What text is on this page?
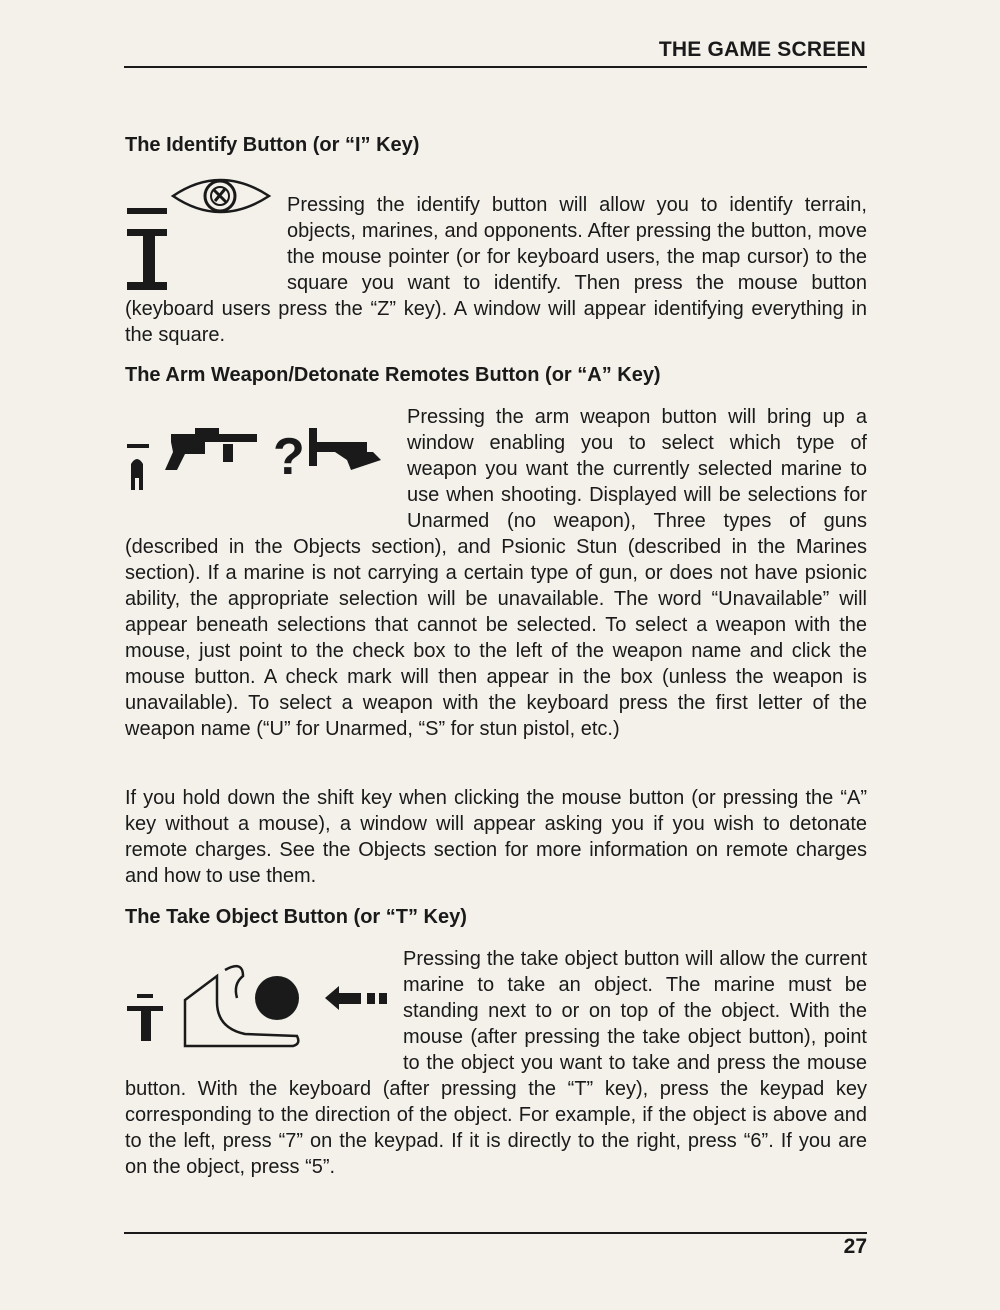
THE GAME SCREEN
The Identify Button (or “I” Key)
Pressing the identify button will allow you to identify terrain, objects, marines, and opponents. After pressing the button, move the mouse pointer (or for keyboard users, the map cursor) to the square you want to identify. Then press the mouse button (keyboard users press the “Z” key). A window will appear identifying everything in the square.
The Arm Weapon/Detonate Remotes Button (or “A” Key)
?
Pressing the arm weapon button will bring up a window enabling you to select which type of weapon you want the currently selected marine to use when shooting. Displayed will be selections for Unarmed (no weapon), Three types of guns (described in the Objects section), and Psionic Stun (described in the Marines section). If a marine is not carrying a certain type of gun, or does not have psionic ability, the appropriate selection will be unavailable. The word “Unavailable” will appear beneath selections that cannot be selected. To select a weapon with the mouse, just point to the check box to the left of the weapon name and click the mouse button. A check mark will then appear in the box (unless the weapon is unavailable). To select a weapon with the keyboard press the first letter of the weapon name (“U” for Unarmed, “S” for stun pistol, etc.)
If you hold down the shift key when clicking the mouse button (or pressing the “A” key without a mouse), a window will appear asking you if you wish to detonate remote charges. See the Objects section for more information on remote charges and how to use them.
The Take Object Button (or “T” Key)
Pressing the take object button will allow the current marine to take an object. The marine must be standing next to or on top of the object. With the mouse (after pressing the take object button), point to the object you want to take and press the mouse button. With the keyboard (after pressing the “T” key), press the keypad key corresponding to the direction of the object. For example, if the object is above and to the left, press “7” on the keypad. If it is directly to the right, press “6”. If you are on the object, press “5”.
27
